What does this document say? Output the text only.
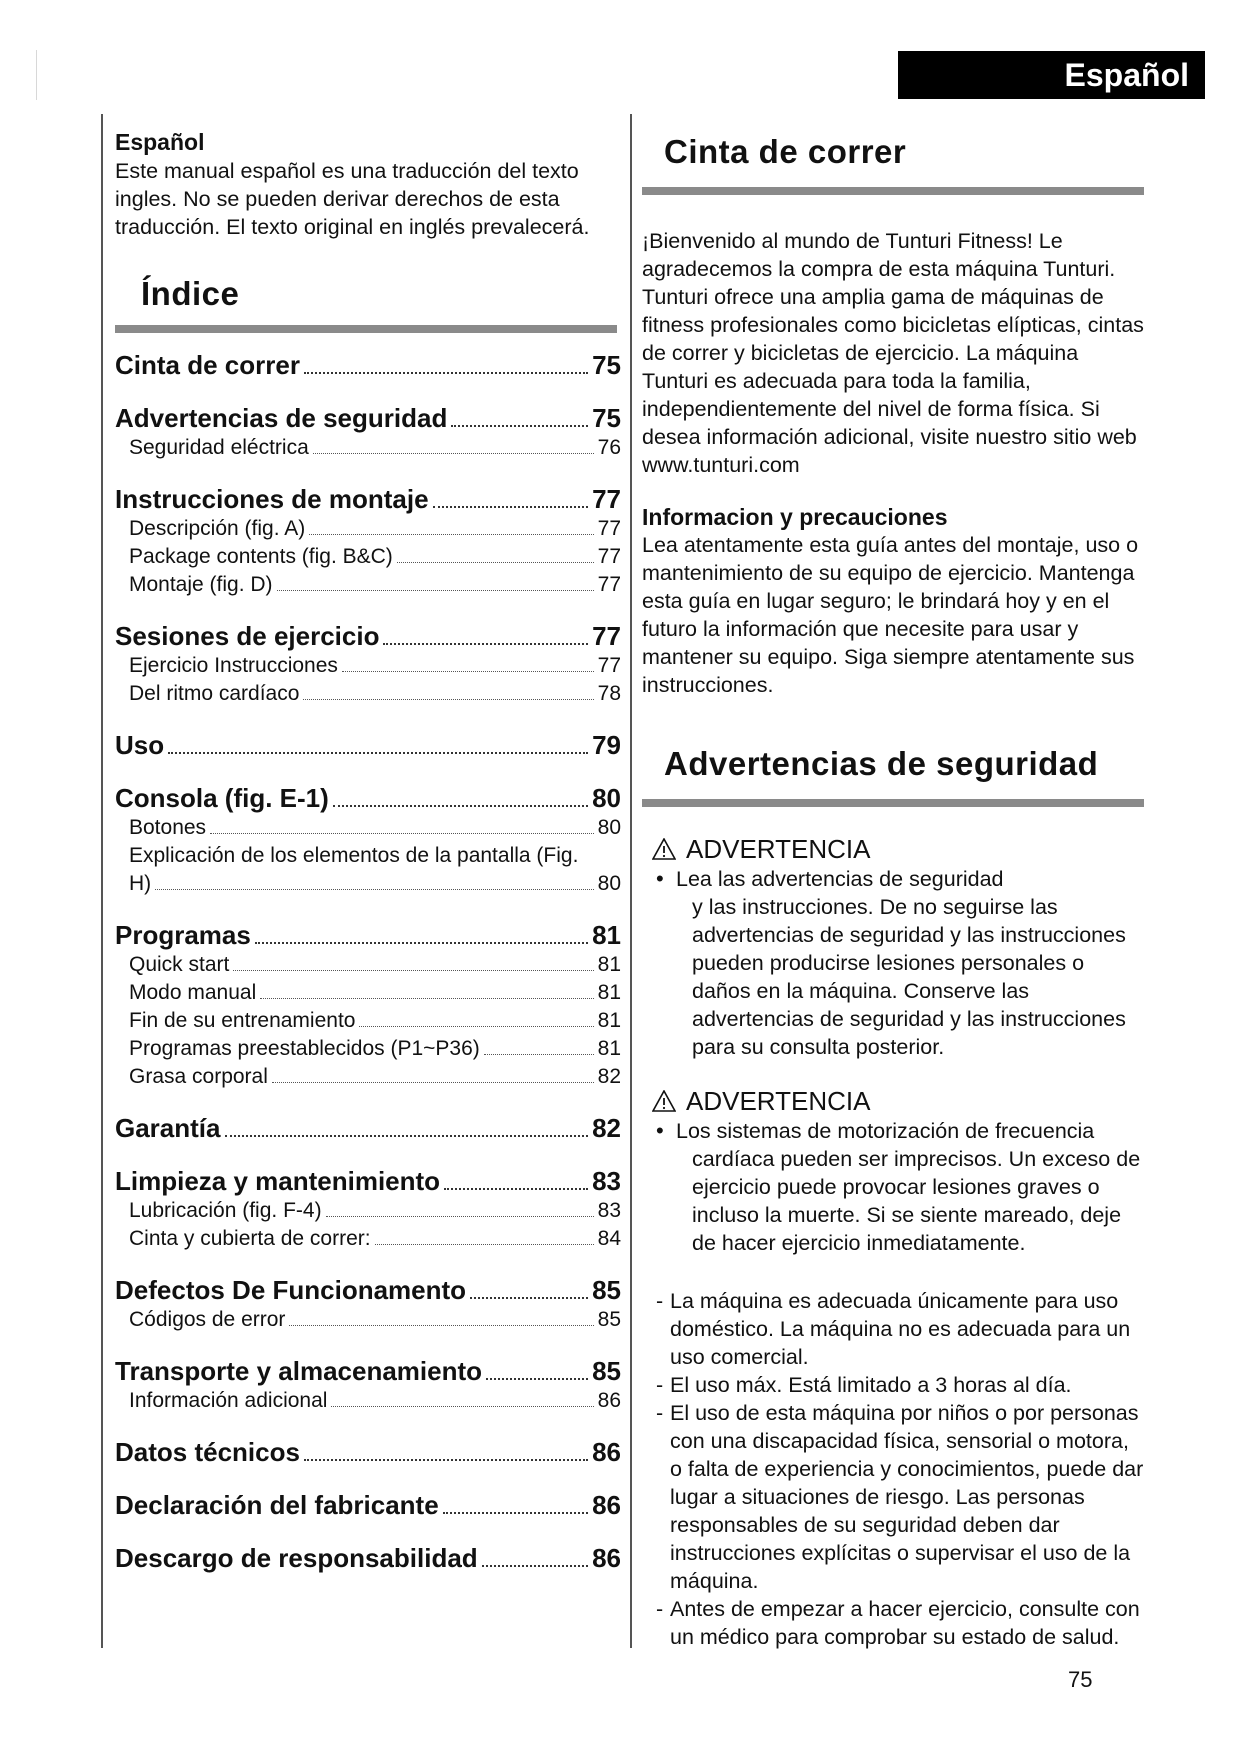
Español
Español
Este manual español es una traducción del texto ingles. No se pueden derivar derechos de esta traducción. El texto original en inglés prevalecerá.
Índice
Cinta de correr	75
Advertencias de seguridad	75
Seguridad eléctrica	76
Instrucciones de montaje	77
Descripción (fig. A)	77
Package contents (fig. B&C)	77
Montaje (fig. D)	77
Sesiones de ejercicio	77
Ejercicio Instrucciones	77
Del ritmo cardíaco	78
Uso	79
Consola (fig. E-1)	80
Botones	80
Explicación de los elementos de la pantalla (Fig.
H)	80
Programas	81
Quick start	81
Modo manual	81
Fin de su entrenamiento	81
Programas preestablecidos (P1~P36)	81
Grasa corporal	82
Garantía	82
Limpieza y mantenimiento	83
Lubricación (fig. F-4)	83
Cinta y cubierta de correr:	84
Defectos De Funcionamento	85
Códigos de error	85
Transporte y almacenamiento	85
Información adicional	86
Datos técnicos	86
Declaración del fabricante	86
Descargo de responsabilidad	86
Cinta de correr
¡Bienvenido al mundo de Tunturi Fitness! Le agradecemos la compra de esta máquina Tunturi. Tunturi ofrece una amplia gama de máquinas de fitness profesionales como bicicletas elípticas, cintas de correr y bicicletas de ejercicio. La máquina Tunturi es adecuada para toda la familia, independientemente del nivel de forma física. Si desea información adicional, visite nuestro sitio web www.tunturi.com
Informacion y precauciones
Lea atentamente esta guía antes del montaje, uso o mantenimiento de su equipo de ejercicio. Mantenga esta guía en lugar seguro; le brindará hoy y en el futuro la información que necesite para usar y mantener su equipo. Siga siempre atentamente sus instrucciones.
Advertencias de seguridad
ADVERTENCIA
• Lea las advertencias de seguridad
y las instrucciones. De no seguirse las advertencias de seguridad y las instrucciones pueden producirse lesiones personales o daños en la máquina. Conserve las advertencias de seguridad y las instrucciones para su consulta posterior.
ADVERTENCIA
• Los sistemas de motorización de frecuencia
cardíaca pueden ser imprecisos. Un exceso de ejercicio puede provocar lesiones graves o incluso la muerte. Si se siente mareado, deje de hacer ejercicio inmediatamente.
- La máquina es adecuada únicamente para uso doméstico. La máquina no es adecuada para un uso comercial.
- El uso máx. Está limitado a 3 horas al día.
- El uso de esta máquina por niños o por personas con una discapacidad física, sensorial o motora, o falta de experiencia y conocimientos, puede dar lugar a situaciones de riesgo. Las personas responsables de su seguridad deben dar instrucciones explícitas o supervisar el uso de la máquina.
- Antes de empezar a hacer ejercicio, consulte con un médico para comprobar su estado de salud.
75
